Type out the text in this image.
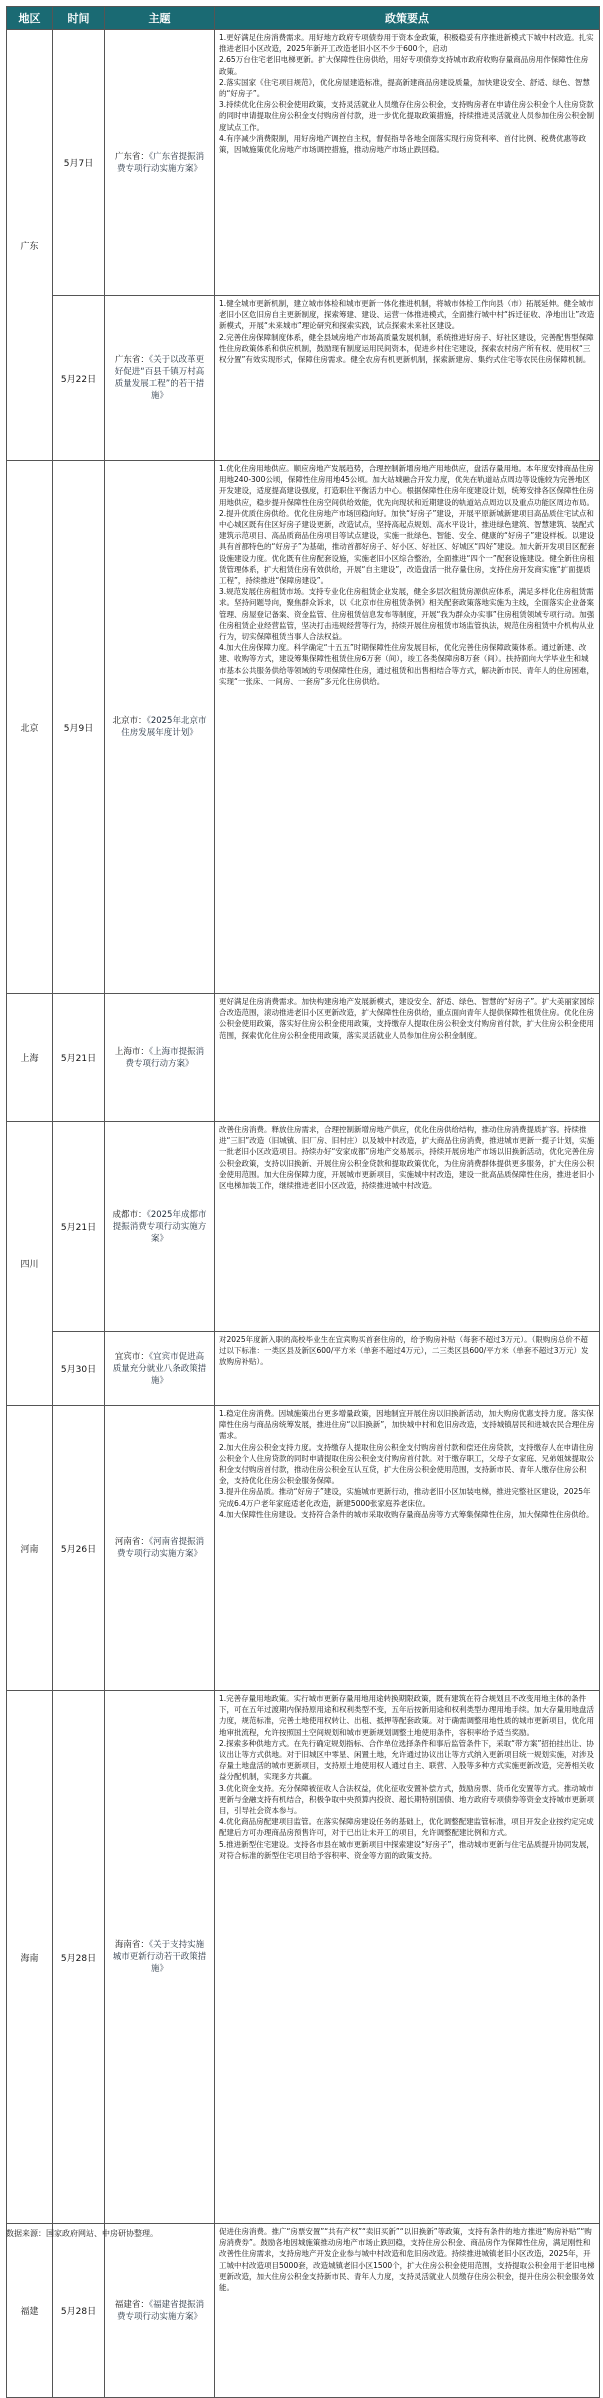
地区	时间	主题	政策要点
广东	5月7日	广东省：《广东省提振消费专项行动实施方案》	1.更好满足住房消费需求。用好地方政府专项债券用于资本金政策，积极稳妥有序推进新模式下城中村改造。扎实推进老旧小区改造，2025年新开工改造老旧小区不少于600个，启动

2.65万台住宅老旧电梯更新。扩大保障性住房供给，用好专项债券支持城市政府收购存量商品房用作保障性住房政策。

2.落实国家《住宅项目规范》，优化房屋建造标准，提高新建商品房建设质量，加快建设安全、舒适、绿色、智慧的“好房子”。

3.持续优化住房公积金使用政策，支持灵活就业人员缴存住房公积金，支持购房者在申请住房公积金个人住房贷款的同时申请提取住房公积金支付购房首付款，进一步优化提取政策措施，持续推进灵活就业人员参加住房公积金制度试点工作。

4.有序减少消费限制，用好房地产调控自主权，督促指导各地全面落实现行房贷利率、首付比例、税费优惠等政策，因城施策优化房地产市场调控措施，推动房地产市场止跌回稳。

	5月22日	广东省：《关于以改革更好促进“百县千镇万村高质量发展工程”的若干措施》	1.健全城市更新机制，建立城市体检和城市更新一体化推进机制，将城市体检工作向县（市）拓展延伸。健全城市老旧小区危旧房自主更新制度，探索筹建、建设、运营一体推进模式，全面推行城中村“拆迁征收、净地出让”改造新模式，开展“未来城市”理论研究和探索实践，试点探索未来社区建设。

2.完善住房保障制度体系，健全县域房地产市场高质量发展机制，系统推进好房子、好社区建设，完善配售型保障性住房政策体系和供应机制，鼓励现有制度运用民间资本，促进乡村住宅建设，探索农村房产所有权、使用权“三权分置”有效实现形式，保障住房需求。健全农房有机更新机制，探索新建房、集约式住宅等农民住房保障机制。

北京	5月9日	北京市：《2025年北京市住房发展年度计划》	1.优化住房用地供应。顺应房地产发展趋势，合理控制新增房地产用地供应，盘活存量用地。本年度安排商品住房用地240-300公顷，保障性住房用地45公顷。加大站城融合开发力度，优先在轨道站点周边等设施较为完善地区开发建设，适度提高建设强度，打造职住平衡活力中心。根据保障性住房年度建设计划，统筹安排各区保障性住房用地供应，稳步提升保障性住房空间供给效能，优先向现状和近期建设的轨道站点周边以及重点功能区周边布局。

2.提升优质住房供给。优化住房地产市场回稳向好。加快“好房子”建设，开展平原新城新建项目高品质住宅试点和中心城区既有住区好房子建设更新，改造试点，坚持高起点规划、高水平设计，推进绿色建筑、智慧建筑、装配式建筑示范项目、高品质商品住房项目等试点建设，实施一批绿色、智能、安全、健康的“好房子”建设样板。以建设具有首都特色的“好房子”为基础，推动首都好房子、好小区、好社区、好城区“四好”建设。加大新开发项目区配套设施建设力度。优化既有住房配套设施，实施老旧小区综合整治，全面推进“四个一”配套设施建设。健全新住房租赁管理体系，扩大租赁住房有效供给，开展“自主建设”，改造盘活一批存量住房，支持住房开发商实施“扩面提质工程”，持续推进“保障房建设”。

3.规范发展住房租赁市场。支持专业化住房租赁企业发展，健全多层次租赁房源供应体系，满足多样化住房租赁需求。坚持问题导向，聚焦群众诉求，以《北京市住房租赁条例》相关配套政策落地实施为主线，全面落实企业备案管理、房屋登记备案、资金监管、住房租赁信息发布等制度，开展“我为群众办实事”住房租赁领域专项行动。加强住房租赁企业经营监管，坚决打击违规经营等行为，持续开展住房租赁市场监管执法，规范住房租赁中介机构从业行为，切实保障租赁当事人合法权益。

4.加大住房保障力度。科学确定“十五五”时期保障性住房发展目标，优化完善住房保障政策体系。通过新建、改建、收购等方式，建设筹集保障性租赁住房6万套（间），竣工各类保障房8万套（间）。扶持面向大学毕业生和城市基本公共服务供给等领域的专项保障性住房，通过租赁和出售相结合等方式，解决新市民、青年人的住房困难，实现“一张床、一间房、一套房”多元化住房供给。

上海	5月21日	上海市：《上海市提振消费专项行动方案》	更好满足住房消费需求。加快构建房地产发展新模式，建设安全、舒适、绿色、智慧的“好房子”。扩大美丽家园综合改造范围，滚动推进老旧小区更新改造，扩大保障性住房供给，重点面向青年人提供保障性租赁住房。优化住房公积金使用政策，落实好住房公积金使用政策，支持缴存人提取住房公积金支付购房首付款，扩大住房公积金使用范围，探索优化住房公积金使用政策，落实灵活就业人员参加住房公积金制度。

四川	5月21日	成都市：《2025年成都市提振消费专项行动实施方案》	改善住房消费。释放住房需求，合理控制新增房地产供应，优化住房供给结构，推动住房消费提质扩容。持续推进“三旧”改造（旧城镇、旧厂房、旧村庄）以及城中村改造，扩大商品住房消费，推进城市更新一揽子计划，实施一批老旧小区改造项目。持续办好“安家成都”房地产交易展示，持续开展房地产市场以旧换新活动，优化完善住房公积金政策，支持以旧换新、开展住房公积金贷款和提取政策优化，为住房消费群体提供更多服务，扩大住房公积金使用范围。加大住房保障力度，开展城市更新项目，实施城中村改造，建设一批高品质保障性住房，推进老旧小区电梯加装工作，继续推进老旧小区改造，持续推进城中村改造。

	5月30日	宜宾市：《宜宾市促进高质量充分就业八条政策措施》	对2025年度新入职的高校毕业生在宜宾购买首套住房的，给予购房补贴（每套不超过3万元）。（限购房总价不超过以下标准：一类区县及新区600/平方米（单套不超过4万元），二三类区县600/平方米（单套不超过3万元）发放购房补贴）。

河南	5月26日	河南省：《河南省提振消费专项行动实施方案》	1.稳定住房消费。因城施策出台更多增量政策，因地制宜开展住房以旧换新活动，加大购房优惠支持力度。落实保障性住房与商品房统筹发展，推进住房“以旧换新”，加快城中村和危旧房改造，支持城镇居民和进城农民合理住房需求。

2.加大住房公积金支持力度。支持缴存人提取住房公积金支付购房首付款和偿还住房贷款，支持缴存人在申请住房公积金个人住房贷款的同时申请提取住房公积金支付购房首付款。对于缴存职工，父母子女家庭、兄弟姐妹提取公积金支付购房首付款，推动住房公积金互认互贷，扩大住房公积金使用范围，支持新市民、青年人缴存住房公积金，支持优化住房公积金服务保障。

3.提升住房品质。推动“好房子”建设，实施城市更新行动，推动老旧小区加装电梯，推进完整社区建设，2025年完成6.4万户老年家庭适老化改造，新建5000张家庭养老床位。

4.加大保障性住房建设。支持符合条件的城市采取收购存量商品房等方式筹集保障性住房，加大保障性住房供给。

海南	5月28日	海南省：《关于支持实施城市更新行动若干政策措施》	1.完善存量用地政策。实行城市更新存量用地用途转换期限政策，既有建筑在符合规划且不改变用地主体的条件下，可在五年过渡期内保持原用途和权利类型不变，五年后按新用途和权利类型办理用地手续。加大存量用地盘活力度，规范标准，完善土地使用权转让、出租、抵押等配套政策。对于确需调整用地性质的城市更新项目，优化用地审批流程，允许按照国土空间规划和城市更新规划调整土地使用条件，容积率给予适当奖励。

2.探索多种供地方式。在先行确定规划指标、合作单位选择条件和事后监管条件下，采取“带方案”招拍挂出让、协议出让等方式供地。对于旧城区中零星、闲置土地，允许通过协议出让等方式纳入更新项目统一规划实施，对涉及存量土地盘活的城市更新项目，支持原土地使用权人通过自主、联营、入股等多种方式实施更新改造，完善相关收益分配机制，实现多方共赢。

3.优化资金支持。充分保障被征收人合法权益，优化征收安置补偿方式，鼓励房票、货币化安置等方式。推动城市更新与金融支持有机结合，积极争取中央预算内投资、超长期特别国债、地方政府专项债券等资金支持城市更新项目，引导社会资本参与。

4.优化商品房配建项目监管。在落实保障房建设任务的基础上，优化调整配建监管标准，项目开发企业按约定完成配建后方可办理商品房预售许可，对于已出让未开工的项目，允许调整配建比例和方式。

5.推进新型住宅建设。支持各市县在城市更新项目中探索建设“好房子”，推动城市更新与住宅品质提升协同发展，对符合标准的新型住宅项目给予容积率、资金等方面的政策支持。

福建	5月28日	福建省：《福建省提振消费专项行动实施方案》	促进住房消费。推广“房票安置”“共有产权”“卖旧买新”“以旧换新”等政策，支持有条件的地方推进“购房补贴”“购房消费券”。鼓励各地因城施策推动房地产市场止跌回稳，支持住房公积金、商品房作为保障性住房，满足刚性和改善性住房需求，支持房地产开发企业参与城中村改造和危旧房改造。持续推进城镇老旧小区改造，2025年，开工城中村改造项目5000套，改造城镇老旧小区1500个，扩大住房公积金使用范围，支持提取公积金用于老旧电梯更新改造，加大住房公积金支持新市民、青年人力度，支持灵活就业人员缴存住房公积金，提升住房公积金服务效能。

数据来源：国家政府网站、中房研协整理。
